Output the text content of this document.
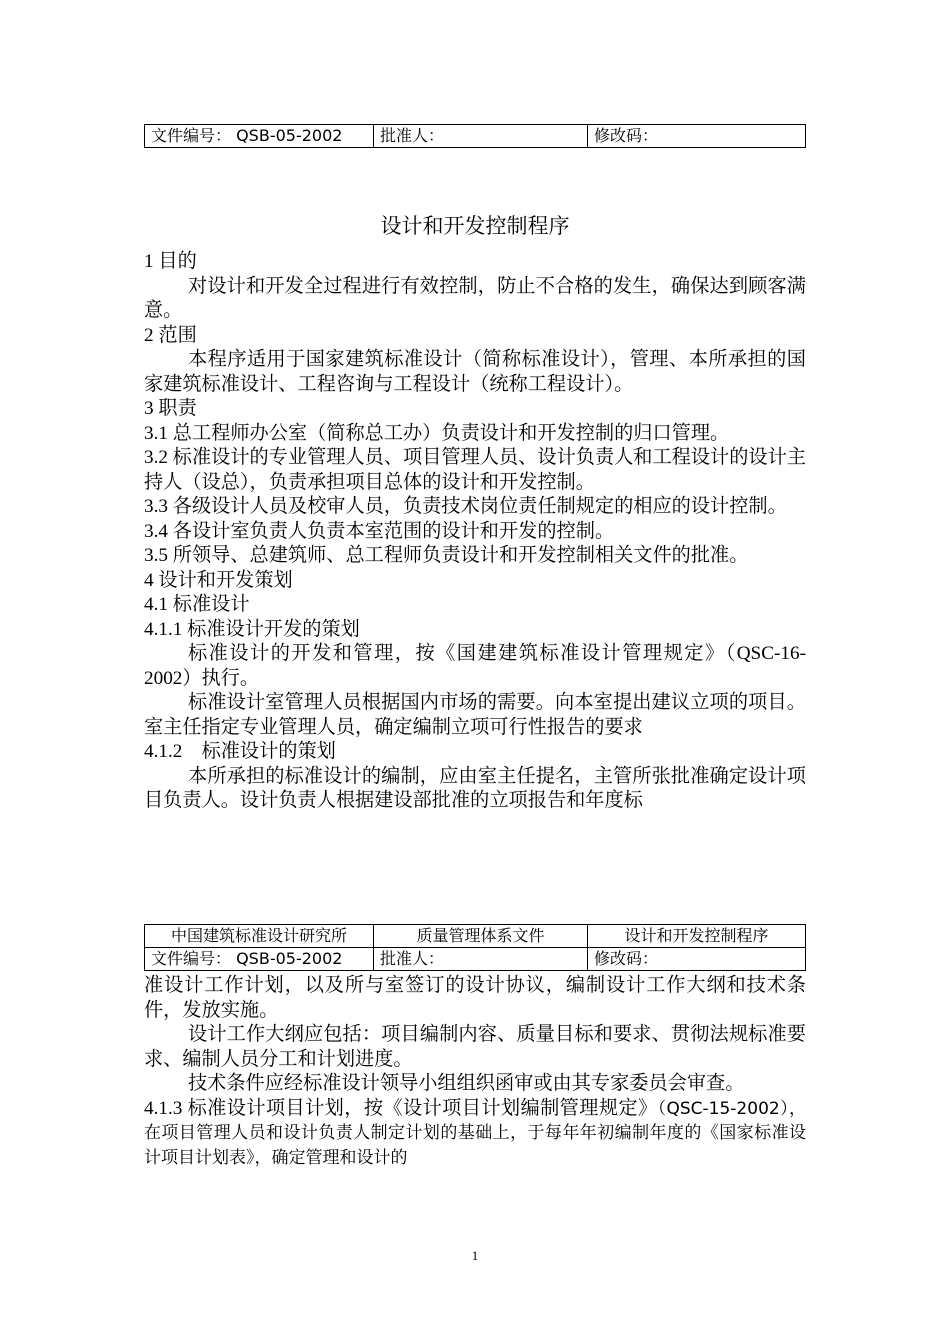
文件编号： QSB-05-2002	批准人：	修改码：
设计和开发控制程序

1 目的

对设计和开发全过程进行有效控制，防止不合格的发生，确保达到顾客满意。

2 范围

本程序适用于国家建筑标准设计（简称标准设计），管理、本所承担的国家建筑标准设计、工程咨询与工程设计（统称工程设计）。

3 职责

3.1 总工程师办公室（简称总工办）负责设计和开发控制的归口管理。

3.2 标准设计的专业管理人员、项目管理人员、设计负责人和工程设计的设计主持人（设总），负责承担项目总体的设计和开发控制。

3.3 各级设计人员及校审人员，负责技术岗位责任制规定的相应的设计控制。

3.4 各设计室负责人负责本室范围的设计和开发的控制。

3.5 所领导、总建筑师、总工程师负责设计和开发控制相关文件的批准。

4 设计和开发策划

4.1 标准设计

4.1.1 标准设计开发的策划

标准设计的开发和管理，按《国建建筑标准设计管理规定》（QSC-16-2002）执行。

标准设计室管理人员根据国内市场的需要。向本室提出建议立项的项目。室主任指定专业管理人员，确定编制立项可行性报告的要求

4.1.2    标准设计的策划

本所承担的标准设计的编制，应由室主任提名，主管所张批准确定设计项目负责人。设计负责人根据建设部批准的立项报告和年度标

中国建筑标准设计研究所	质量管理体系文件	设计和开发控制程序
文件编号： QSB-05-2002	批准人：	修改码：

准设计工作计划，以及所与室签订的设计协议，编制设计工作大纲和技术条件，发放实施。

设计工作大纲应包括：项目编制内容、质量目标和要求、贯彻法规标准要求、编制人员分工和计划进度。

技术条件应经标准设计领导小组组织函审或由其专家委员会审查。

4.1.3 标准设计项目计划，按《设计项目计划编制管理规定》（QSC-15-2002），在项目管理人员和设计负责人制定计划的基础上，于每年年初编制年度的《国家标准设计项目计划表》，确定管理和设计的

1
